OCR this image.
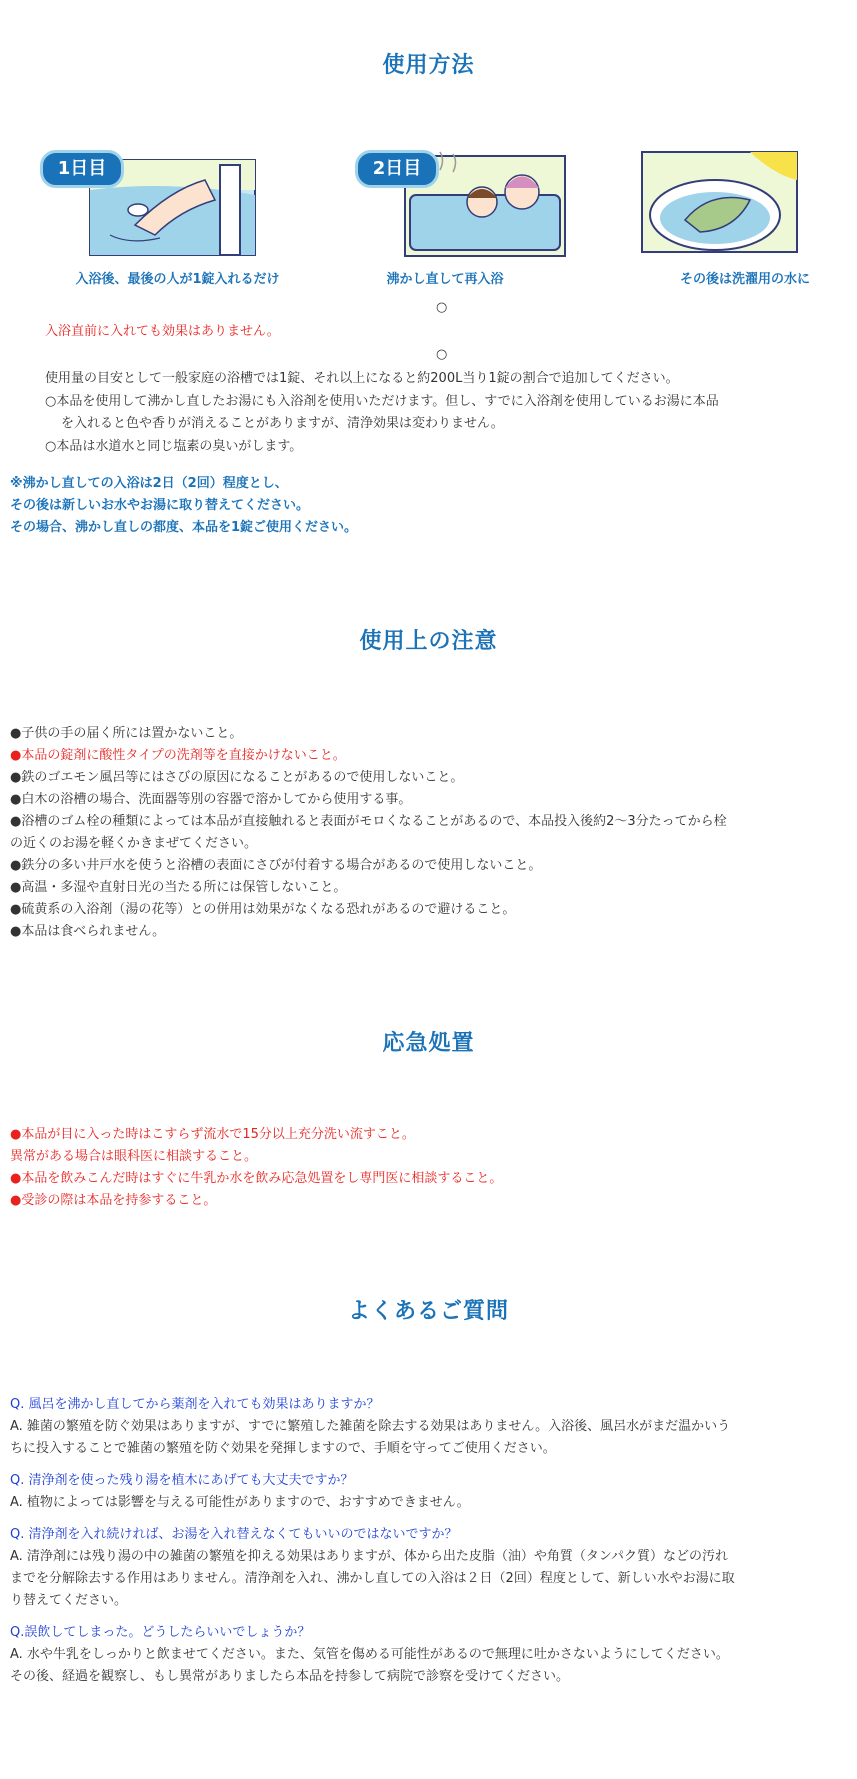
使用方法
1日目	2日目
入浴後、最後の人が1錠入れるだけ	沸かし直して再入浴	その後は洗濯用の水に
○
入浴直前に入れても効果はありません。
○
使用量の目安として一般家庭の浴槽では1錠、それ以上になると約200L当り1錠の割合で追加してください。
○本品を使用して沸かし直したお湯にも入浴剤を使用いただけます。但し、すでに入浴剤を使用しているお湯に本品
を入れると色や香りが消えることがありますが、清浄効果は変わりません。
○本品は水道水と同じ塩素の臭いがします。
※沸かし直しての入浴は2日（2回）程度とし、
その後は新しいお水やお湯に取り替えてください。
その場合、沸かし直しの都度、本品を1錠ご使用ください。
使用上の注意
●子供の手の届く所には置かないこと。
●本品の錠剤に酸性タイプの洗剤等を直接かけないこと。
●鉄のゴエモン風呂等にはさびの原因になることがあるので使用しないこと。
●白木の浴槽の場合、洗面器等別の容器で溶かしてから使用する事。
●浴槽のゴム栓の種類によっては本品が直接触れると表面がモロくなることがあるので、本品投入後約2〜3分たってから栓
の近くのお湯を軽くかきまぜてください。
●鉄分の多い井戸水を使うと浴槽の表面にさびが付着する場合があるので使用しないこと。
●高温・多湿や直射日光の当たる所には保管しないこと。
●硫黄系の入浴剤（湯の花等）との併用は効果がなくなる恐れがあるので避けること。
●本品は食べられません。
応急処置
●本品が目に入った時はこすらず流水で15分以上充分洗い流すこと。
異常がある場合は眼科医に相談すること。
●本品を飲みこんだ時はすぐに牛乳か水を飲み応急処置をし専門医に相談すること。
●受診の際は本品を持参すること。
よくあるご質問
Q. 風呂を沸かし直してから薬剤を入れても効果はありますか？
A. 雑菌の繁殖を防ぐ効果はありますが、すでに繁殖した雑菌を除去する効果はありません。入浴後、風呂水がまだ温かいう
ちに投入することで雑菌の繁殖を防ぐ効果を発揮しますので、手順を守ってご使用ください。
Q. 清浄剤を使った残り湯を植木にあげても大丈夫ですか？
A. 植物によっては影響を与える可能性がありますので、おすすめできません。
Q. 清浄剤を入れ続ければ、お湯を入れ替えなくてもいいのではないですか？
A. 清浄剤には残り湯の中の雑菌の繁殖を抑える効果はありますが、体から出た皮脂（油）や角質（タンパク質）などの汚れ
までを分解除去する作用はありません。清浄剤を入れ、沸かし直しての入浴は２日（2回）程度として、新しい水やお湯に取
り替えてください。
Q.誤飲してしまった。どうしたらいいでしょうか？
A. 水や牛乳をしっかりと飲ませてください。また、気管を傷める可能性があるので無理に吐かさないようにしてください。
その後、経過を観察し、もし異常がありましたら本品を持参して病院で診察を受けてください。
